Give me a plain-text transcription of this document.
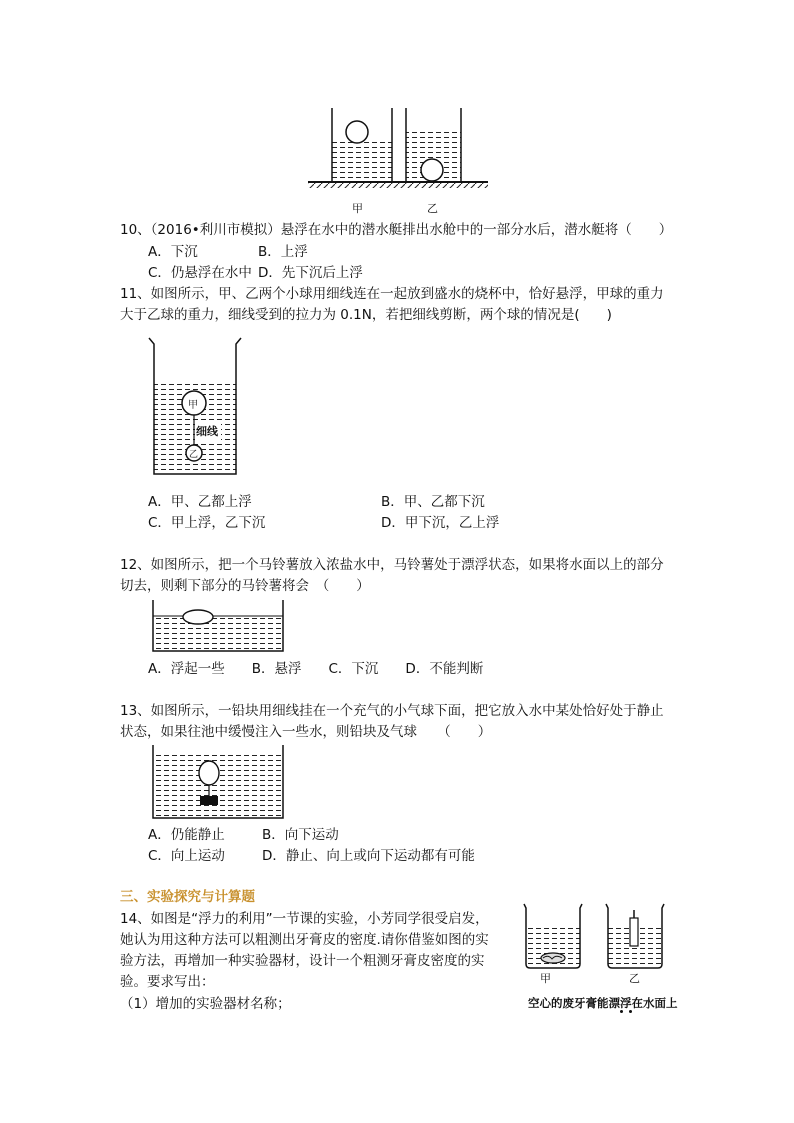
甲	乙
10、（2016•利川市模拟）悬浮在水中的潜水艇排出水舱中的一部分水后，潜水艇将（　　）
A．下沉	B．上浮
C．仍悬浮在水中 D．先下沉后上浮
11、如图所示，甲、乙两个小球用细线连在一起放到盛水的烧杯中，恰好悬浮，甲球的重力
大于乙球的重力，细线受到的拉力为 0.1N，若把细线剪断，两个球的情况是(　　)
甲
细线
乙
A．甲、乙都上浮	B．甲、乙都下沉
C．甲上浮，乙下沉	D．甲下沉，乙上浮
12、如图所示，把一个马铃薯放入浓盐水中，马铃薯处于漂浮状态，如果将水面以上的部分
切去，则剩下部分的马铃薯将会　（　　）
A．浮起一些　　B．悬浮　　C．下沉　　D．不能判断
13、如图所示，一铅块用细线挂在一个充气的小气球下面，把它放入水中某处恰好处于静止
状态，如果往池中缓慢注入一些水，则铅块及气球　　（　　）
A．仍能静止	B．向下运动
C．向上运动	D．静止、向上或向下运动都有可能
三、实验探究与计算题
14、如图是“浮力的利用”一节课的实验，小芳同学很受启发，
她认为用这种方法可以粗测出牙膏皮的密度.请你借鉴如图的实
验方法，再增加一种实验器材，设计一个粗测牙膏皮密度的实
验。要求写出：
（1）增加的实验器材名称；
甲	乙
空心的废牙膏能漂浮在水面上
